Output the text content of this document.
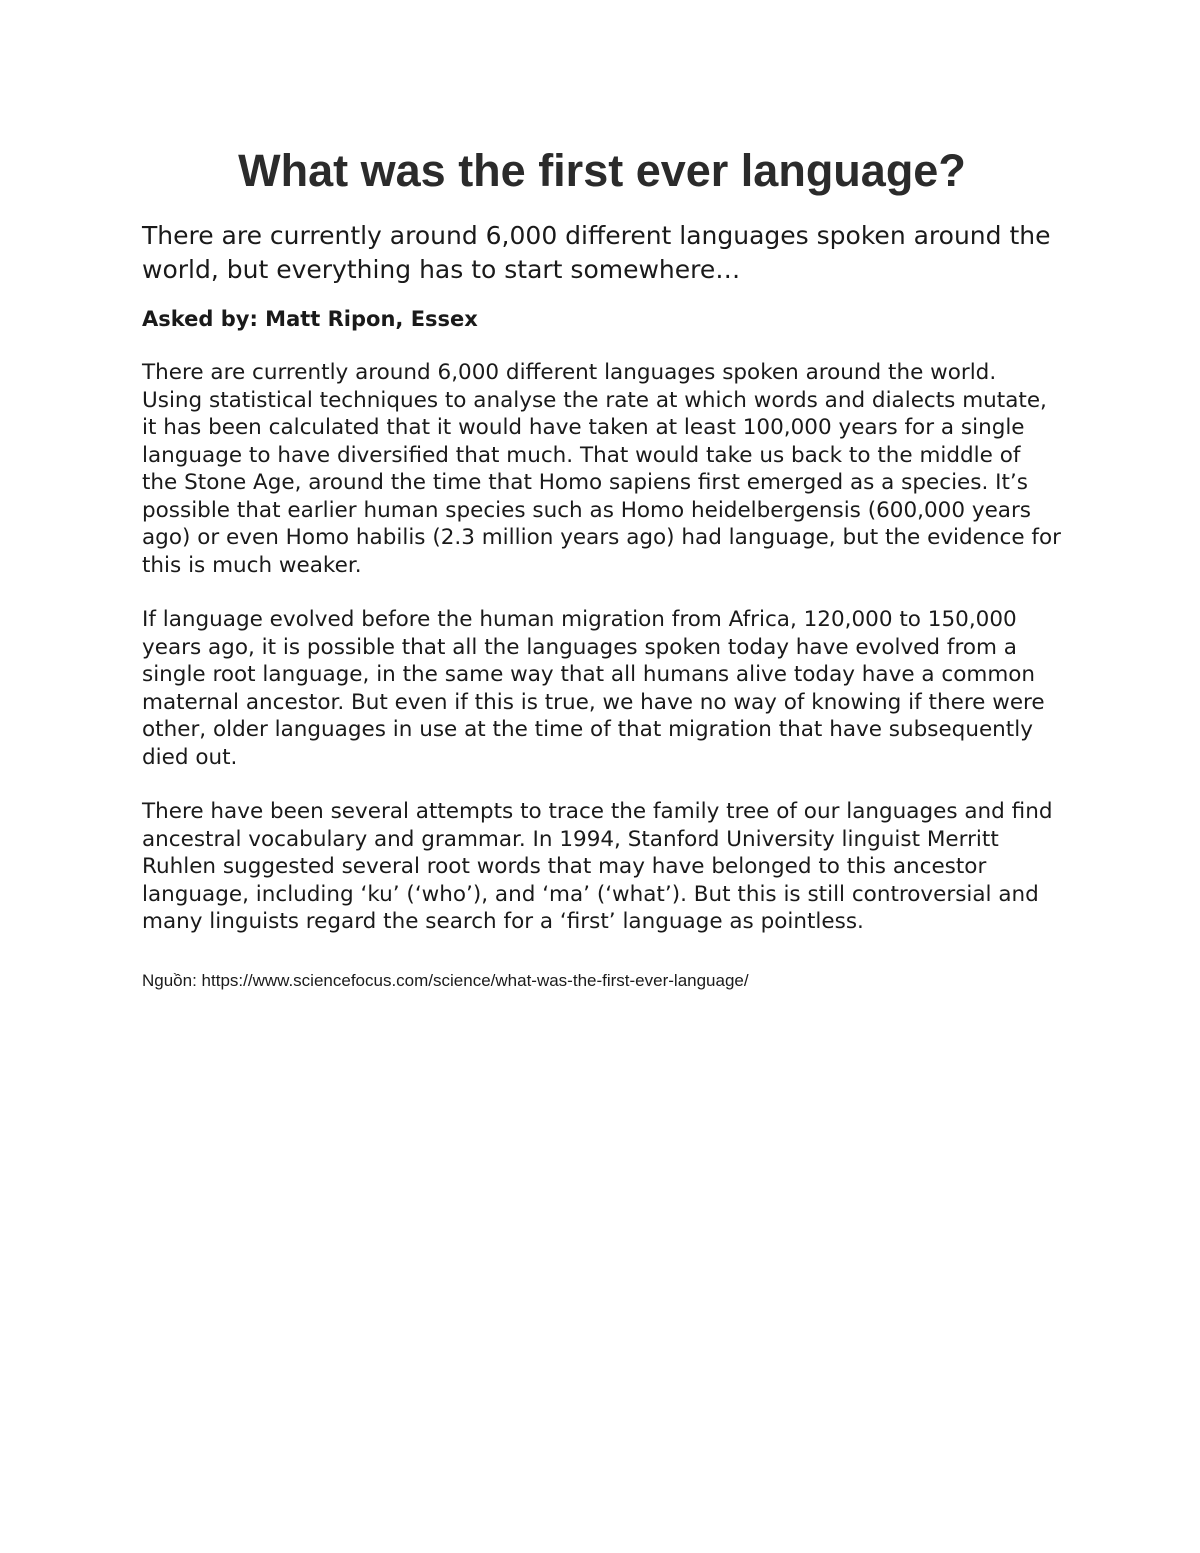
What was the first ever language?

There are currently around 6,000 different languages spoken around the world, but everything has to start somewhere…

Asked by: Matt Ripon, Essex

There are currently around 6,000 different languages spoken around the world. Using statistical techniques to analyse the rate at which words and dialects mutate, it has been calculated that it would have taken at least 100,000 years for a single language to have diversified that much. That would take us back to the middle of the Stone Age, around the time that Homo sapiens first emerged as a species. It’s possible that earlier human species such as Homo heidelbergensis (600,000 years ago) or even Homo habilis (2.3 million years ago) had language, but the evidence for this is much weaker.

If language evolved before the human migration from Africa, 120,000 to 150,000 years ago, it is possible that all the languages spoken today have evolved from a single root language, in the same way that all humans alive today have a common maternal ancestor. But even if this is true, we have no way of knowing if there were other, older languages in use at the time of that migration that have subsequently died out.

There have been several attempts to trace the family tree of our languages and find ancestral vocabulary and grammar. In 1994, Stanford University linguist Merritt Ruhlen suggested several root words that may have belonged to this ancestor language, including ‘ku’ (‘who’), and ‘ma’ (‘what’). But this is still controversial and many linguists regard the search for a ‘first’ language as pointless.

Nguồn: https://www.sciencefocus.com/science/what-was-the-first-ever-language/
